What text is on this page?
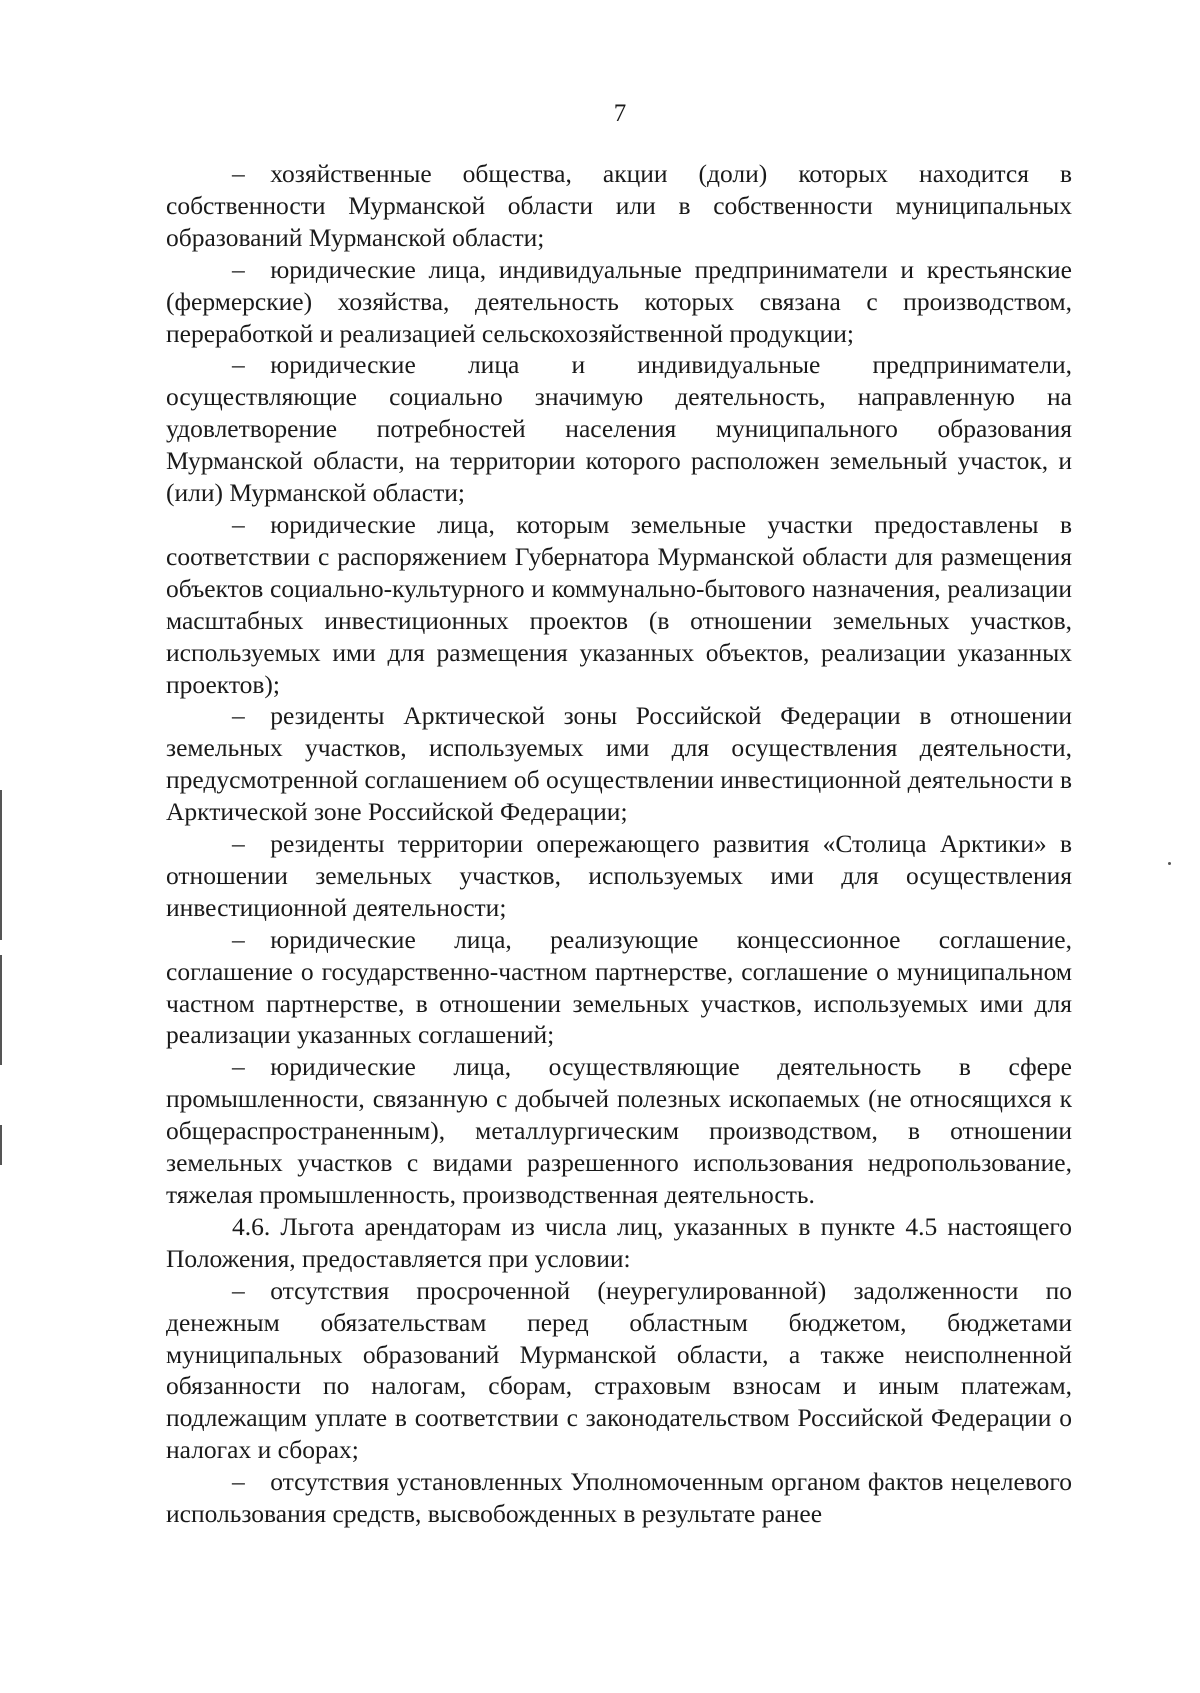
7

– хозяйственные общества, акции (доли) которых находится в собственности Мурманской области или в собственности муниципальных образований Мурманской области;

– юридические лица, индивидуальные предприниматели и крестьянские (фермерские) хозяйства, деятельность которых связана с производством, переработкой и реализацией сельскохозяйственной продукции;

– юридические лица и индивидуальные предприниматели, осуществляющие социально значимую деятельность, направленную на удовлетворение потребностей населения муниципального образования Мурманской области, на территории которого расположен земельный участок, и (или) Мурманской области;

– юридические лица, которым земельные участки предоставлены в соответствии с распоряжением Губернатора Мурманской области для размещения объектов социально-культурного и коммунально-бытового назначения, реализации масштабных инвестиционных проектов (в отношении земельных участков, используемых ими для размещения указанных объектов, реализации указанных проектов);

– резиденты Арктической зоны Российской Федерации в отношении земельных участков, используемых ими для осуществления деятельности, предусмотренной соглашением об осуществлении инвестиционной деятельности в Арктической зоне Российской Федерации;

– резиденты территории опережающего развития «Столица Арктики» в отношении земельных участков, используемых ими для осуществления инвестиционной деятельности;

– юридические лица, реализующие концессионное соглашение, соглашение о государственно-частном партнерстве, соглашение о муниципальном частном партнерстве, в отношении земельных участков, используемых ими для реализации указанных соглашений;

– юридические лица, осуществляющие деятельность в сфере промышленности, связанную с добычей полезных ископаемых (не относящихся к общераспространенным), металлургическим производством, в отношении земельных участков с видами разрешенного использования недропользование, тяжелая промышленность, производственная деятельность.

4.6. Льгота арендаторам из числа лиц, указанных в пункте 4.5 настоящего Положения, предоставляется при условии:

– отсутствия просроченной (неурегулированной) задолженности по денежным обязательствам перед областным бюджетом, бюджетами муниципальных образований Мурманской области, а также неисполненной обязанности по налогам, сборам, страховым взносам и иным платежам, подлежащим уплате в соответствии с законодательством Российской Федерации о налогах и сборах;

– отсутствия установленных Уполномоченным органом фактов нецелевого использования средств, высвобожденных в результате ранее
